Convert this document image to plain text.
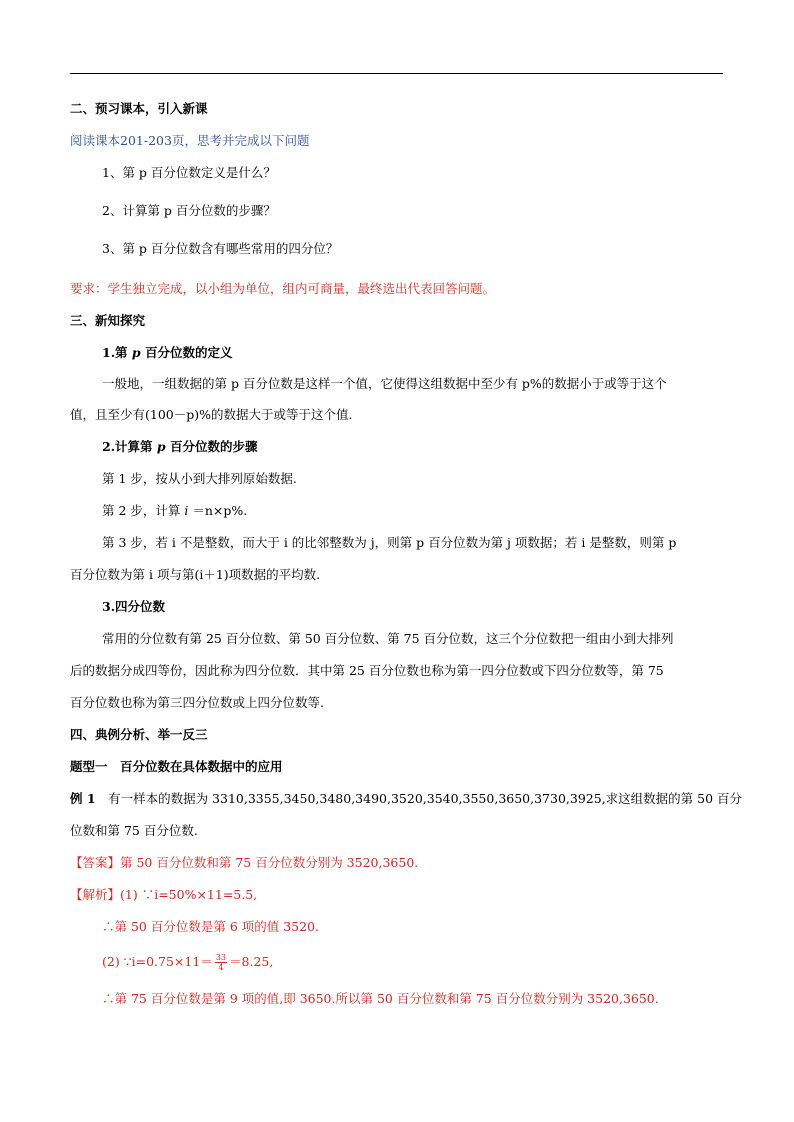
二、预习课本，引入新课
阅读课本201-203页，思考并完成以下问题
1、第 p 百分位数定义是什么？
2、计算第 p 百分位数的步骤？
3、第 p 百分位数含有哪些常用的四分位？
要求：学生独立完成，以小组为单位，组内可商量，最终选出代表回答问题。
三、新知探究
1.第 p 百分位数的定义
一般地，一组数据的第 p 百分位数是这样一个值，它使得这组数据中至少有 p%的数据小于或等于这个
值，且至少有(100－p)%的数据大于或等于这个值.
2.计算第 p 百分位数的步骤
第 1 步，按从小到大排列原始数据.
第 2 步，计算 i ＝n×p%.
第 3 步，若 i 不是整数，而大于 i 的比邻整数为 j，则第 p 百分位数为第 j 项数据；若 i 是整数，则第 p
百分位数为第 i 项与第(i＋1)项数据的平均数.
3.四分位数
常用的分位数有第 25 百分位数、第 50 百分位数、第 75 百分位数，这三个分位数把一组由小到大排列
后的数据分成四等份，因此称为四分位数．其中第 25 百分位数也称为第一四分位数或下四分位数等，第 75
百分位数也称为第三四分位数或上四分位数等.
四、典例分析、举一反三
题型一　百分位数在具体数据中的应用
例 1　有一样本的数据为 3310,3355,3450,3480,3490,3520,3540,3550,3650,3730,3925,求这组数据的第 50 百分
位数和第 75 百分位数.
【答案】第 50 百分位数和第 75 百分位数分别为 3520,3650.
【解析】(1) ∵i=50%×11=5.5,
∴第 50 百分位数是第 6 项的值 3520.
(2) ∵i=0.75×11＝ $\frac{33}{4} =8.25$,
∴第 75 百分位数是第 9 项的值,即 3650.所以第 50 百分位数和第 75 百分位数分别为 3520,3650.
